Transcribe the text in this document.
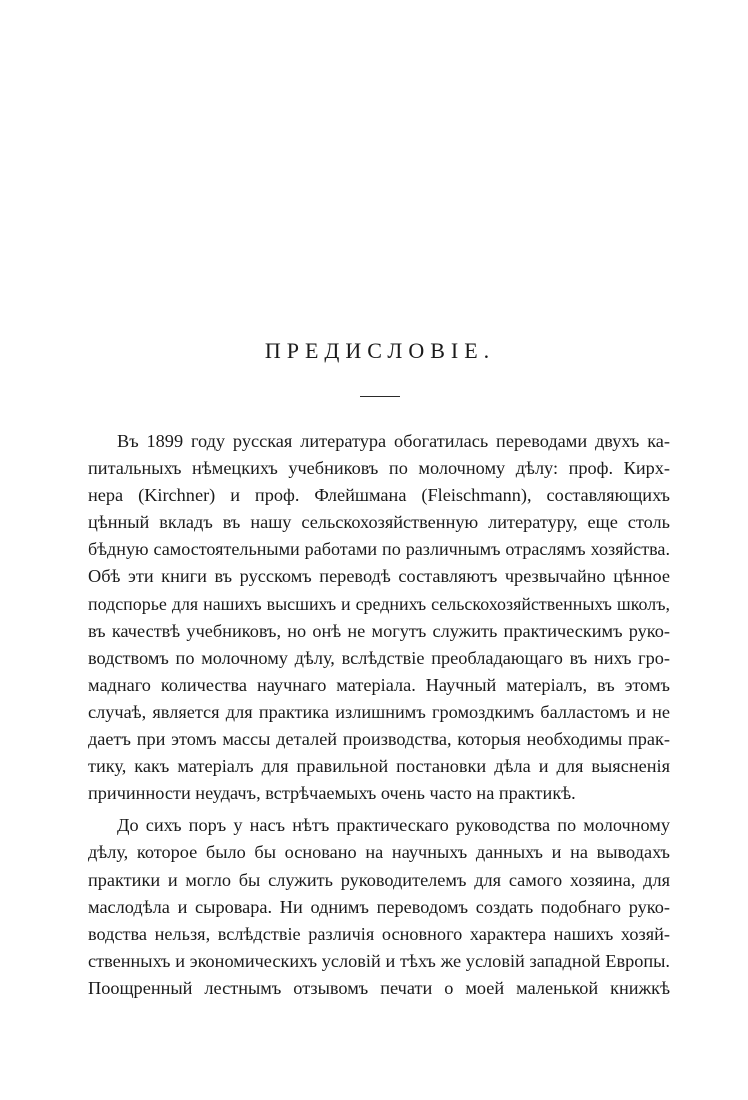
ПРЕДИСЛОВІЕ.
Въ 1899 году русская литература обогатилась переводами двухъ ка-
питальныхъ нѣмецкихъ учебниковъ по молочному дѣлу: проф. Кирх-
нера (Kirchner) и проф. Флейшмана (Fleischmann), составляющихъ
цѣнный вкладъ въ нашу сельскохозяйственную литературу, еще столь
бѣдную самостоятельными работами по различнымъ отраслямъ хозяйства.
Обѣ эти книги въ русскомъ переводѣ составляютъ чрезвычайно цѣнное
подспорье для нашихъ высшихъ и среднихъ сельскохозяйственныхъ школъ,
въ качествѣ учебниковъ, но онѣ не могутъ служить практическимъ руко-
водствомъ по молочному дѣлу, вслѣдствіе преобладающаго въ нихъ гро-
маднаго количества научнаго матеріала. Научный матеріалъ, въ этомъ
случаѣ, является для практика излишнимъ громоздкимъ балластомъ и не
даетъ при этомъ массы деталей производства, которыя необходимы прак-
тику, какъ матеріалъ для правильной постановки дѣла и для выясненія
причинности неудачъ, встрѣчаемыхъ очень часто на практикѣ.
До сихъ поръ у насъ нѣтъ практическаго руководства по молочному
дѣлу, которое было бы основано на научныхъ данныхъ и на выводахъ
практики и могло бы служить руководителемъ для самого хозяина, для
маслодѣла и сыровара. Ни однимъ переводомъ создать подобнаго руко-
водства нельзя, вслѣдствіе различія основного характера нашихъ хозяй-
ственныхъ и экономическихъ условій и тѣхъ же условій западной Европы.
Поощренный лестнымъ отзывомъ печати о моей маленькой книжкѣ
